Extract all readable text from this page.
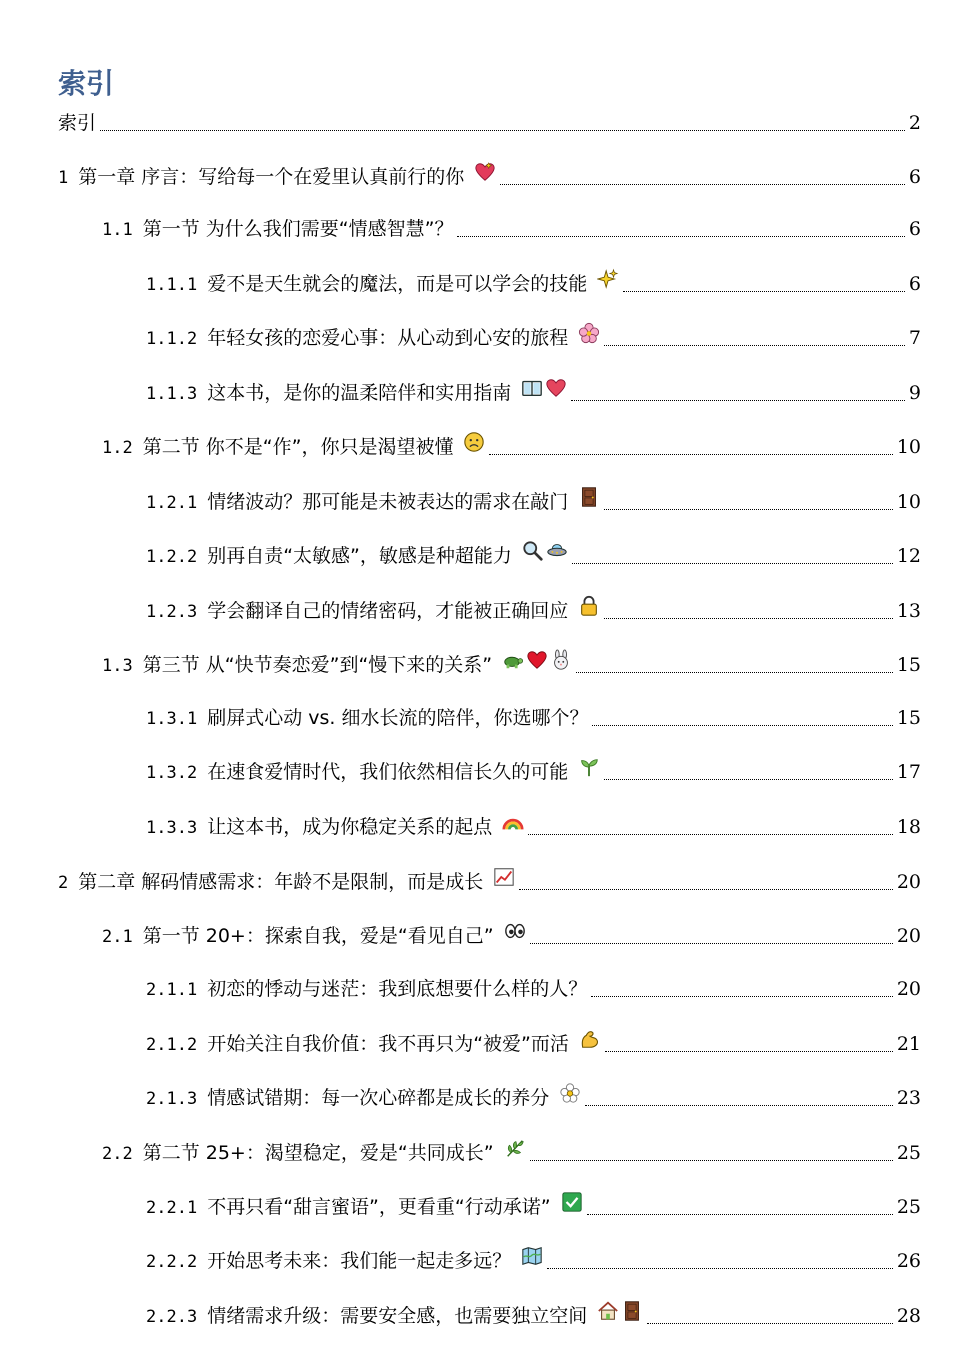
索引
索引	2
1 第一章 序言：写给每一个在爱里认真前行的你	6
1.1 第一节 为什么我们需要“情感智慧”？	6
1.1.1 爱不是天生就会的魔法，而是可以学会的技能	6
1.1.2 年轻女孩的恋爱心事：从心动到心安的旅程	7
1.1.3 这本书，是你的温柔陪伴和实用指南	9
1.2 第二节 你不是“作”，你只是渴望被懂	10
1.2.1 情绪波动？那可能是未被表达的需求在敲门	10
1.2.2 别再自责“太敏感”，敏感是种超能力	12
1.2.3 学会翻译自己的情绪密码，才能被正确回应	13
1.3 第三节 从“快节奏恋爱”到“慢下来的关系”	15
1.3.1 刷屏式心动 vs. 细水长流的陪伴，你选哪个？	15
1.3.2 在速食爱情时代，我们依然相信长久的可能	17
1.3.3 让这本书，成为你稳定关系的起点	18
2 第二章 解码情感需求：年龄不是限制，而是成长	20
2.1 第一节 20+：探索自我，爱是“看见自己”	20
2.1.1 初恋的悸动与迷茫：我到底想要什么样的人？	20
2.1.2 开始关注自我价值：我不再只为“被爱”而活	21
2.1.3 情感试错期：每一次心碎都是成长的养分	23
2.2 第二节 25+：渴望稳定，爱是“共同成长”	25
2.2.1 不再只看“甜言蜜语”，更看重“行动承诺”	25
2.2.2 开始思考未来：我们能一起走多远？	26
2.2.3 情绪需求升级：需要安全感，也需要独立空间	28
